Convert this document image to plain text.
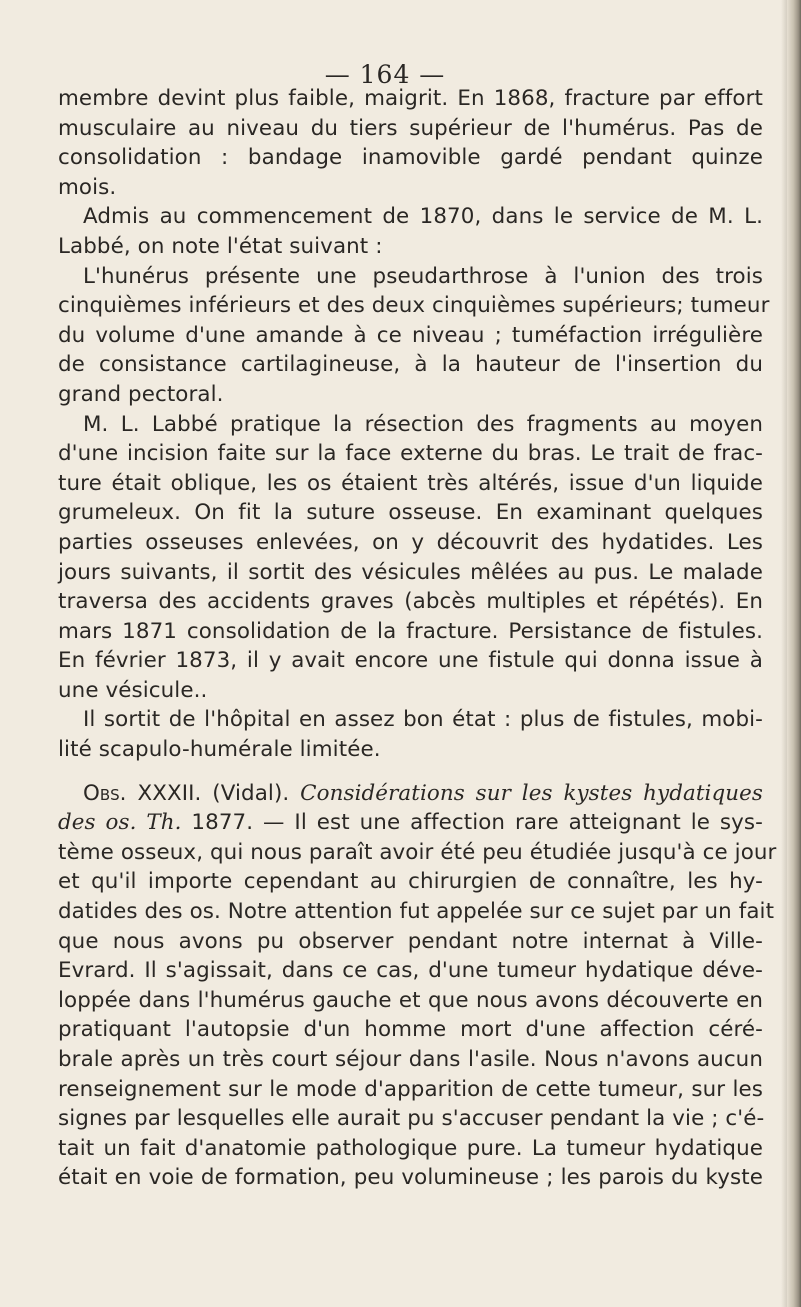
— 164 —
membre devint plus faible, maigrit. En 1868, fracture par effort
musculaire au niveau du tiers supérieur de l'humérus. Pas de
consolidation : bandage inamovible gardé pendant quinze
mois.
Admis au commencement de 1870, dans le service de M. L.
Labbé, on note l'état suivant :
L'hunérus présente une pseudarthrose à l'union des trois
cinquièmes inférieurs et des deux cinquièmes supérieurs; tumeur
du volume d'une amande à ce niveau ; tuméfaction irrégulière
de consistance cartilagineuse, à la hauteur de l'insertion du
grand pectoral.
M. L. Labbé pratique la résection des fragments au moyen
d'une incision faite sur la face externe du bras. Le trait de frac-
ture était oblique, les os étaient très altérés, issue d'un liquide
grumeleux. On fit la suture osseuse. En examinant quelques
parties osseuses enlevées, on y découvrit des hydatides. Les
jours suivants, il sortit des vésicules mêlées au pus. Le malade
traversa des accidents graves (abcès multiples et répétés). En
mars 1871 consolidation de la fracture. Persistance de fistules.
En février 1873, il y avait encore une fistule qui donna issue à
une vésicule..
Il sortit de l'hôpital en assez bon état : plus de fistules, mobi-
lité scapulo-humérale limitée.
Obs. XXXII. (Vidal). Considérations sur les kystes hydatiques
des os. Th. 1877. — Il est une affection rare atteignant le sys-
tème osseux, qui nous paraît avoir été peu étudiée jusqu'à ce jour
et qu'il importe cependant au chirurgien de connaître, les hy-
datides des os. Notre attention fut appelée sur ce sujet par un fait
que nous avons pu observer pendant notre internat à Ville-
Evrard. Il s'agissait, dans ce cas, d'une tumeur hydatique déve-
loppée dans l'humérus gauche et que nous avons découverte en
pratiquant l'autopsie d'un homme mort d'une affection céré-
brale après un très court séjour dans l'asile. Nous n'avons aucun
renseignement sur le mode d'apparition de cette tumeur, sur les
signes par lesquelles elle aurait pu s'accuser pendant la vie ; c'é-
tait un fait d'anatomie pathologique pure. La tumeur hydatique
était en voie de formation, peu volumineuse ; les parois du kyste
